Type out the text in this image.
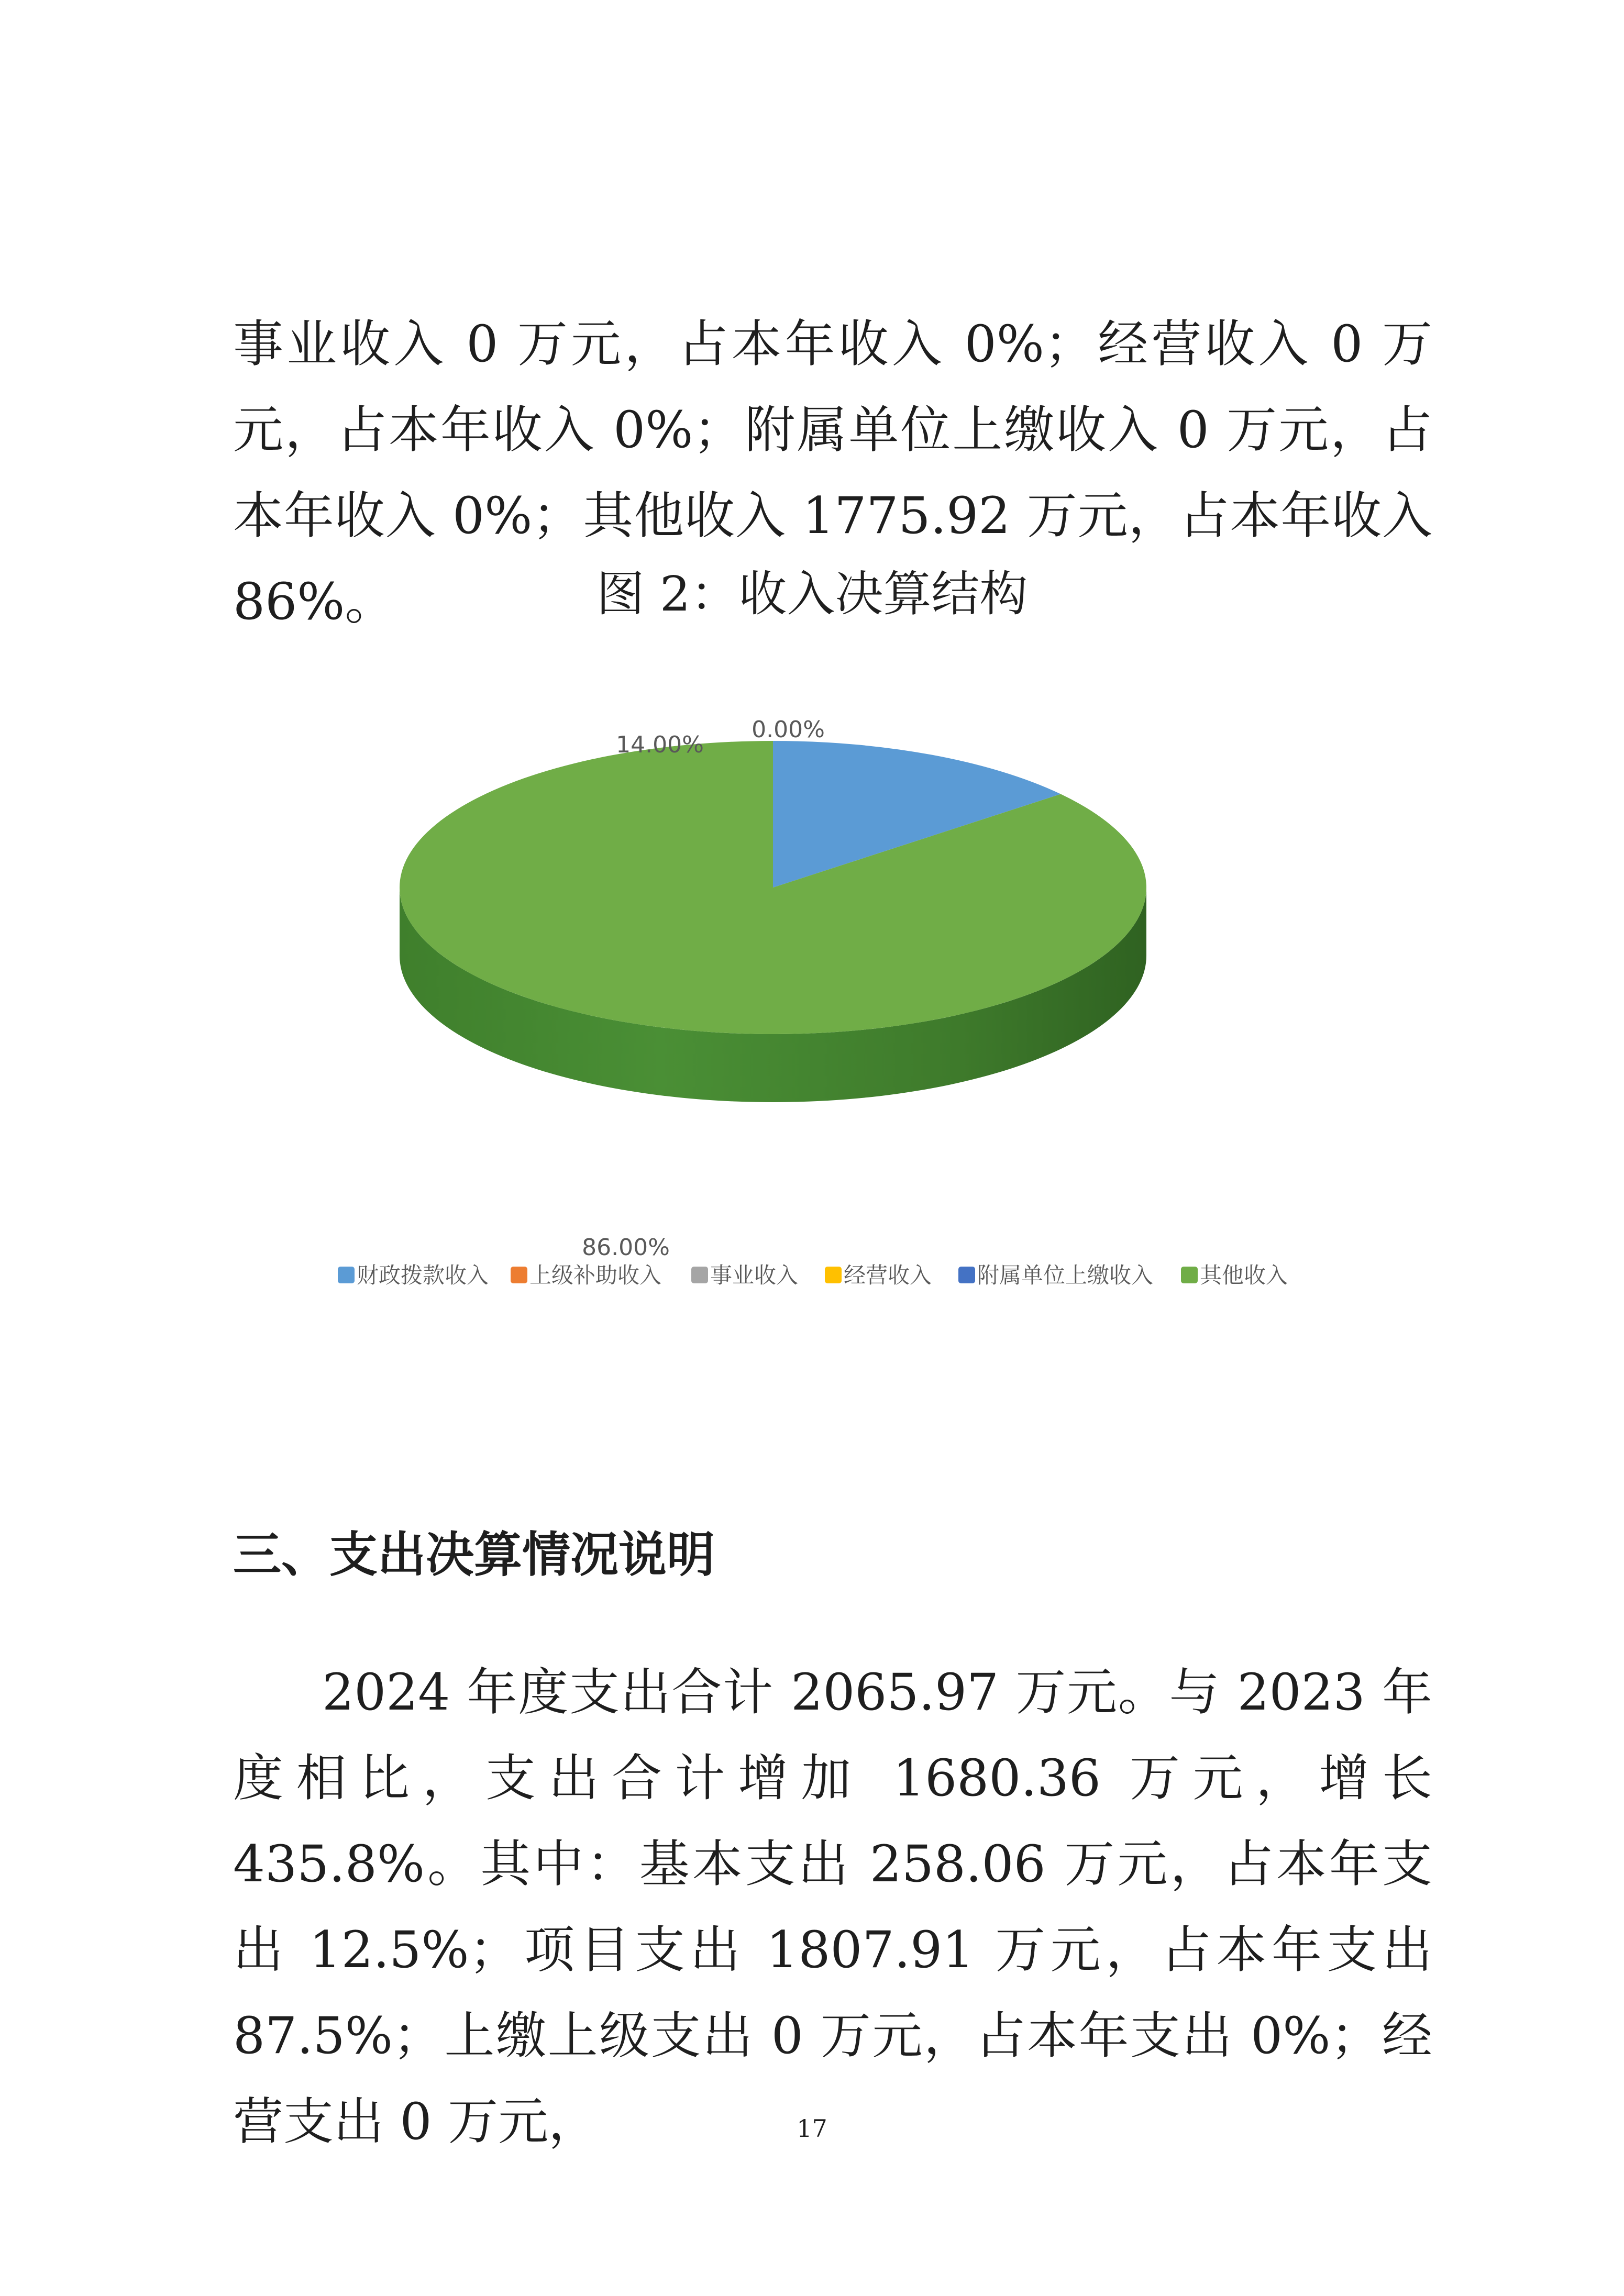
事业收入 0 万元，占本年收入 0%；经营收入 0 万元，占本年收入 0%；附属单位上缴收入 0 万元，占本年收入 0%；其他收入 1775.92 万元，占本年收入 86%。	图 2：收入决算结构

14.00%
0.00%
86.00%
财政拨款收入 上级补助收入 事业收入 经营收入 附属单位上缴收入 其他收入
三、支出决算情况说明

2024 年度支出合计 2065.97 万元。与 2023 年度相比，支出合计增加 1680.36 万元，增长 435.8%。其中：基本支出 258.06 万元，占本年支出 12.5%；项目支出 1807.91 万元，占本年支出 87.5%；上缴上级支出 0 万元，占本年支出 0%；经营支出 0 万元，	17
